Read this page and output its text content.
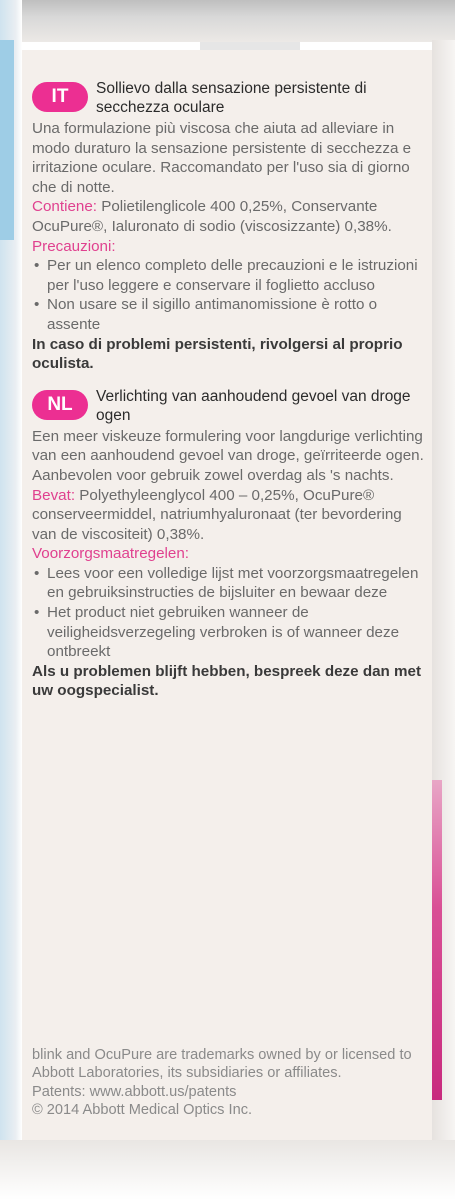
IT	Sollievo dalla sensazione persistente di secchezza oculare

Una formulazione più viscosa che aiuta ad alleviare in modo duraturo la sensazione persistente di secchezza e irritazione oculare. Raccomandato per l'uso sia di giorno che di notte.

Contiene: Polietilenglicole 400 0,25%, Conservante OcuPure®, Ialuronato di sodio (viscosizzante) 0,38%.

Precauzioni:

• Per un elenco completo delle precauzioni e le istruzioni per l'uso leggere e conservare il foglietto accluso
• Non usare se il sigillo antimanomissione è rotto o assente

In caso di problemi persistenti, rivolgersi al proprio oculista.

NL	Verlichting van aanhoudend gevoel van droge ogen

Een meer viskeuze formulering voor langdurige verlichting van een aanhoudend gevoel van droge, geïrriteerde ogen. Aanbevolen voor gebruik zowel overdag als 's nachts.

Bevat: Polyethyleenglycol 400 – 0,25%, OcuPure® conserveermiddel, natriumhyaluronaat (ter bevordering van de viscositeit) 0,38%.

Voorzorgsmaatregelen:

• Lees voor een volledige lijst met voorzorgsmaatregelen en gebruiksinstructies de bijsluiter en bewaar deze
• Het product niet gebruiken wanneer de veiligheidsverzegeling verbroken is of wanneer deze ontbreekt

Als u problemen blijft hebben, bespreek deze dan met uw oogspecialist.

blink and OcuPure are trademarks owned by or licensed to Abbott Laboratories, its subsidiaries or affiliates.

Patents: www.abbott.us/patents

© 2014 Abbott Medical Optics Inc.
